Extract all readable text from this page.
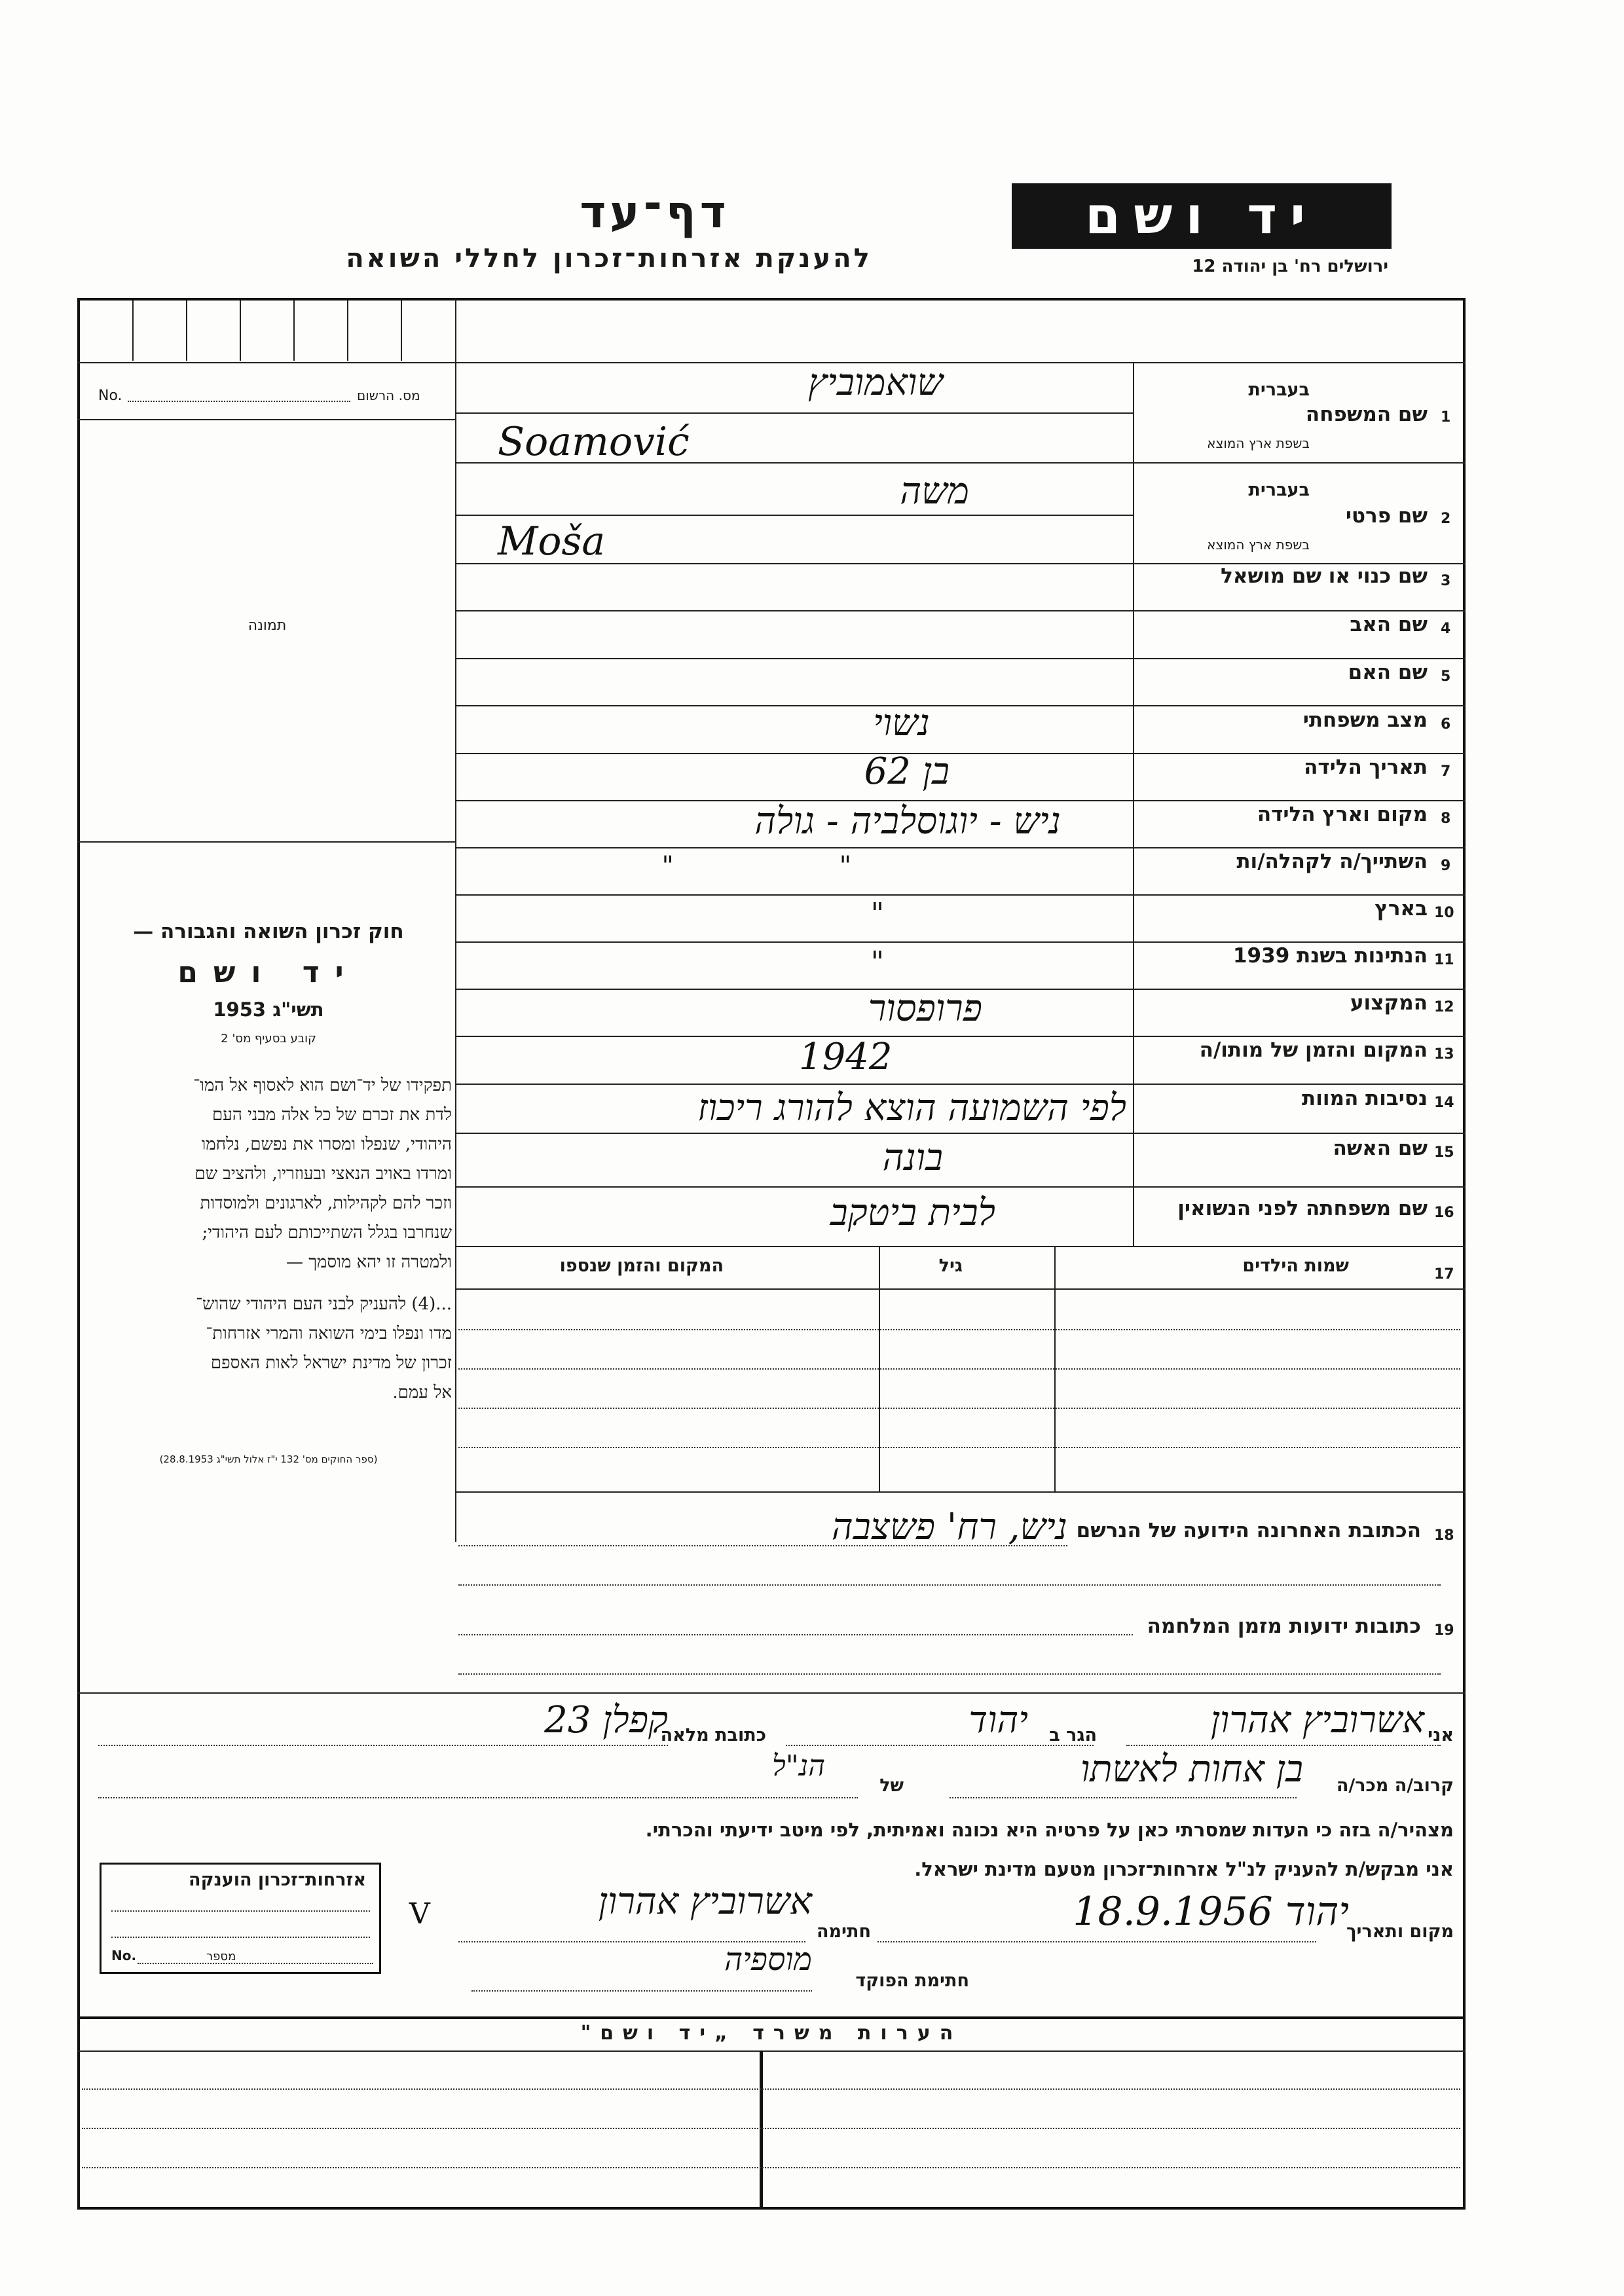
יד ושם
ירושלים רח' בן יהודה 12
דף־עד
להענקת אזרחות־זכרון לחללי השואה
No.	מס. הרשום
תמונה
חוק זכרון השואה והגבורה —
יד ושם
תשי"ג 1953
קובע בסעיף מס' 2
תפקידו של יד־ושם הוא לאסוף אל המו־
לדת את זכרם של כל אלה מבני העם
היהודי, שנפלו ומסרו את נפשם, נלחמו
ומרדו באויב הנאצי ובעוזריו, ולהציב שם
וזכר להם לקהילות, לארגונים ולמוסדות
שנחרבו בגלל השתייכותם לעם היהודי;
ולמטרה זו יהא מוסמך —
...(4) להעניק לבני העם היהודי שהוש־
מדו ונפלו בימי השואה והמרי אזרחות־
זכרון של מדינת ישראל לאות האספם
אל עמם.
(ספר החוקים מס' 132 י"ז אלול תשי"ג 28.8.1953)
1
שם המשפחה
בעברית
בשפת ארץ המוצא
שואמוביץ
Soamović
2
שם פרטי
בעברית
בשפת ארץ המוצא
משה
Moša
3
שם כנוי או שם מושאל
4
שם האב
5
שם האם
6
מצב משפחתי
נשוי
7
תאריך הלידה
בן 62
8
מקום וארץ הלידה
ניש - יוגוסלביה - גולה
9
השתייך/ה לקהלה/ות
" "
10
בארץ
"
11
הנתינות בשנת 1939
"
12
המקצוע
פרופסור
13
המקום והזמן של מותו/ה
1942
14
נסיבות המוות
לפי השמועה הוצא להורג ריכוז
15
שם האשה
בונה
16
שם משפחתה לפני הנשואין
לבית ביטקב
17
שמות הילדים
גיל
המקום והזמן שנספו
18
הכתובת האחרונה הידועה של הנרשם
ניש, רח' פשצבה
19
כתובות ידועות מזמן המלחמה
אני
אשרוביץ אהרון
הגר ב
יהוד
כתובת מלאה
קפלן 23
קרוב/ה מכר/ה
בן אחות לאשתו
של
הנ"ל
מצהיר/ה בזה כי העדות שמסרתי כאן על פרטיה היא נכונה ואמיתית, לפי מיטב ידיעתי והכרתי.
אני מבקש/ת להעניק לנ"ל אזרחות־זכרון מטעם מדינת ישראל.
אזרחות־זכרון הוענקה
No.	מספר
מקום ותאריך
יהוד 18.9.1956
חתימה
אשרוביץ אהרון
V
חתימת הפוקד
מוספיה
הערות משרד „יד ושם"
